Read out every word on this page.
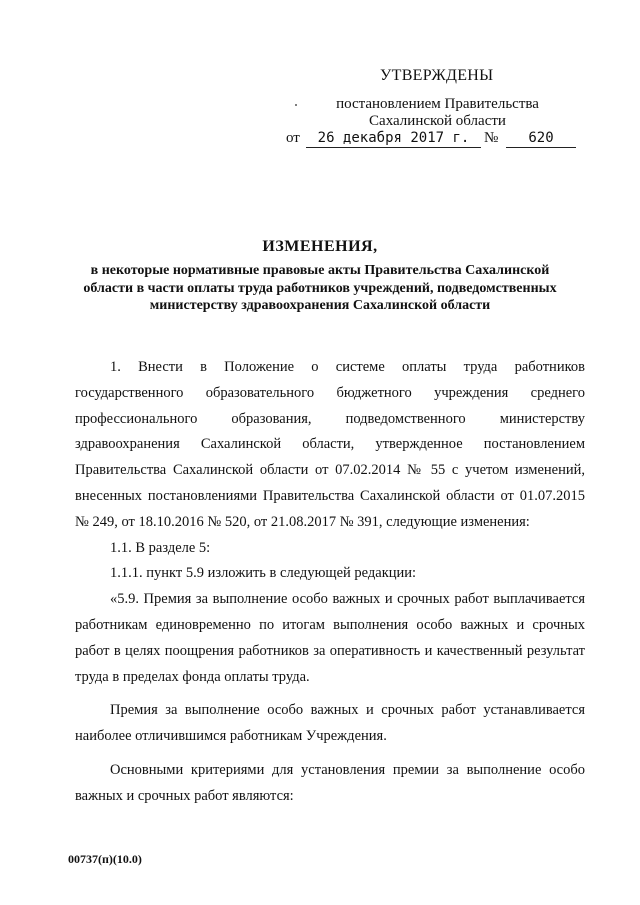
УТВЕРЖДЕНЫ
постановлением Правительства
Сахалинской области
от	26 декабря 2017 г. №	620
ИЗМЕНЕНИЯ,
в некоторые нормативные правовые акты Правительства Сахалинской области в части оплаты труда работников учреждений, подведомственных министерству здравоохранения Сахалинской области

1. Внести в Положение о системе оплаты труда работников государственного образовательного бюджетного учреждения среднего профессионального образования, подведомственного министерству здравоохранения Сахалинской области, утвержденное постановлением Правительства Сахалинской области от 07.02.2014 № 55 с учетом изменений, внесенных постановлениями Правительства Сахалинской области от 01.07.2015 № 249, от 18.10.2016 № 520, от 21.08.2017 № 391, следующие изменения:

1.1. В разделе 5:

1.1.1. пункт 5.9 изложить в следующей редакции:

«5.9. Премия за выполнение особо важных и срочных работ выплачивается работникам единовременно по итогам выполнения особо важных и срочных работ в целях поощрения работников за оперативность и качественный результат труда в пределах фонда оплаты труда.

Премия за выполнение особо важных и срочных работ устанавливается наиболее отличившимся работникам Учреждения.

Основными критериями для установления премии за выполнение особо важных и срочных работ являются:

00737(п)(10.0)
